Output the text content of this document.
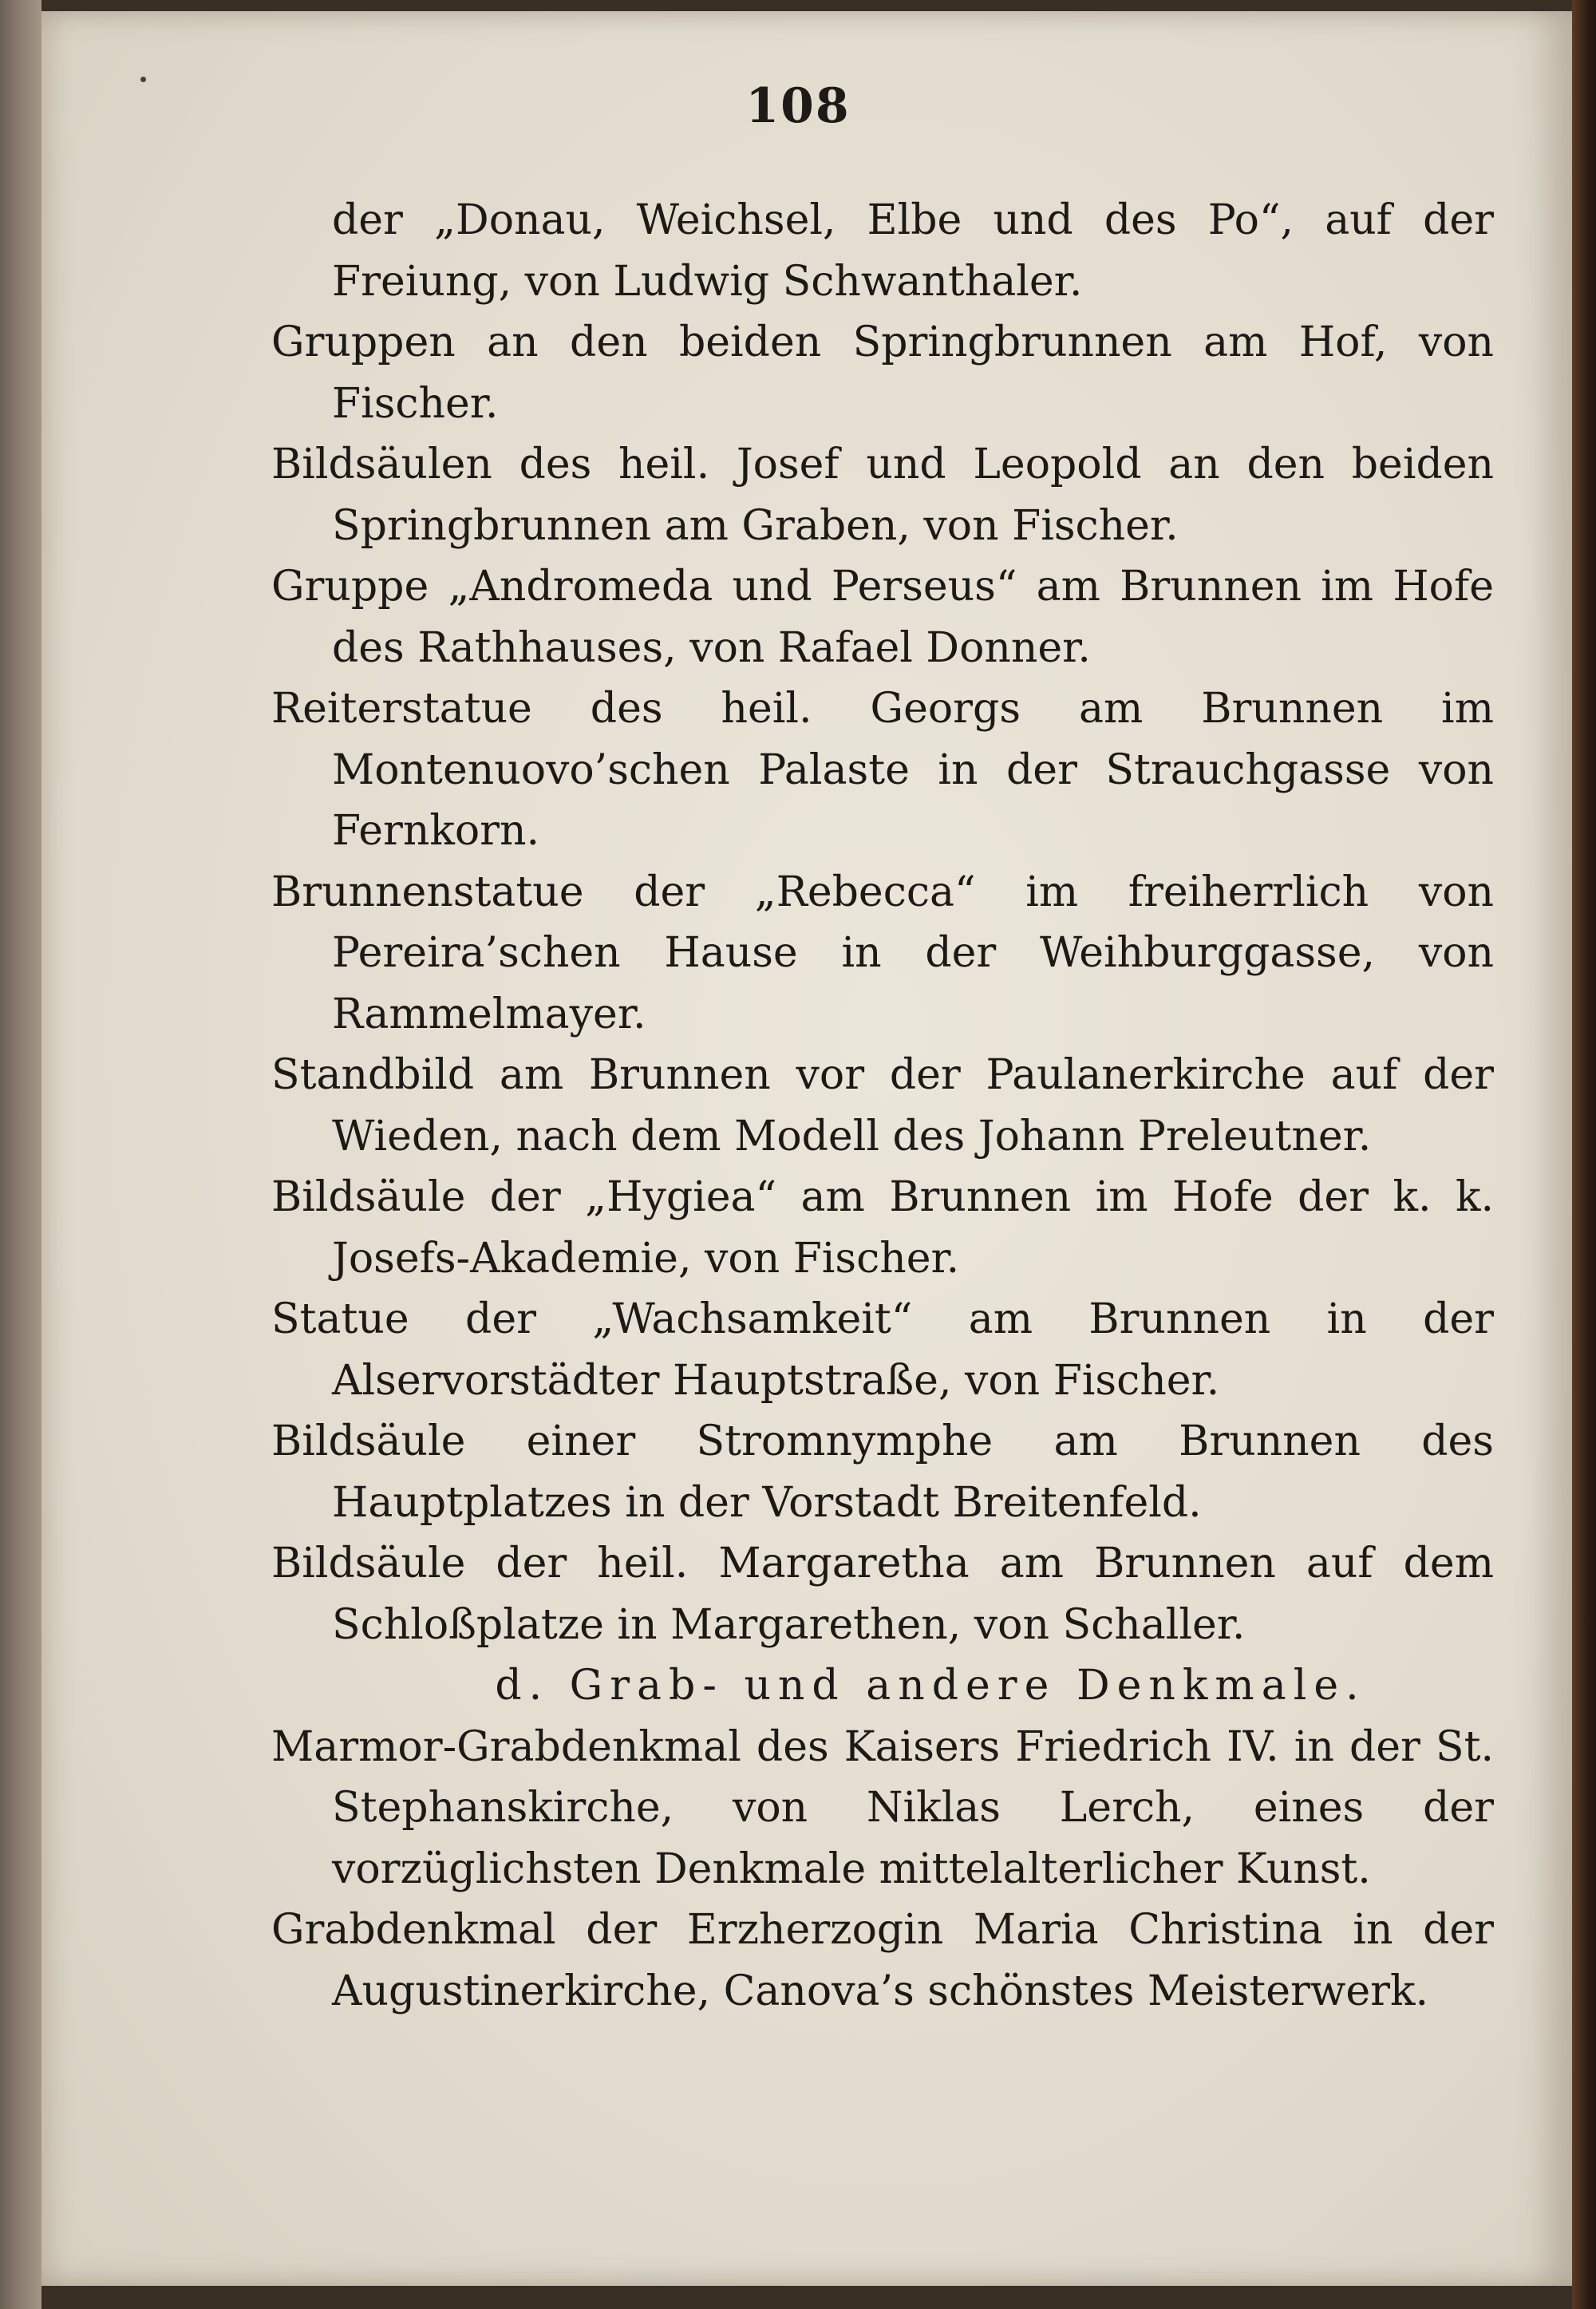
108

der „Donau, Weichsel, Elbe und des Po“, auf der Freiung, von Ludwig Schwanthaler.

Gruppen an den beiden Springbrunnen am Hof, von Fischer.

Bildsäulen des heil. Josef und Leopold an den beiden Springbrunnen am Graben, von Fischer.

Gruppe „Andromeda und Perseus“ am Brunnen im Hofe des Rathhauses, von Rafael Donner.

Reiterstatue des heil. Georgs am Brunnen im Montenuovo’schen Palaste in der Strauchgasse von Fernkorn.

Brunnenstatue der „Rebecca“ im freiherrlich von Pereira’schen Hause in der Weihburggasse, von Rammelmayer.

Standbild am Brunnen vor der Paulanerkirche auf der Wieden, nach dem Modell des Johann Preleutner.

Bildsäule der „Hygiea“ am Brunnen im Hofe der k. k. Josefs-Akademie, von Fischer.

Statue der „Wachsamkeit“ am Brunnen in der Alservorstädter Hauptstraße, von Fischer.

Bildsäule einer Stromnymphe am Brunnen des Hauptplatzes in der Vorstadt Breitenfeld.

Bildsäule der heil. Margaretha am Brunnen auf dem Schloßplatze in Margarethen, von Schaller.

d. Grab- und andere Denkmale.

Marmor-Grabdenkmal des Kaisers Friedrich IV. in der St. Stephanskirche, von Niklas Lerch, eines der vorzüglichsten Denkmale mittelalterlicher Kunst.

Grabdenkmal der Erzherzogin Maria Christina in der Augustinerkirche, Canova’s schönstes Meisterwerk.
